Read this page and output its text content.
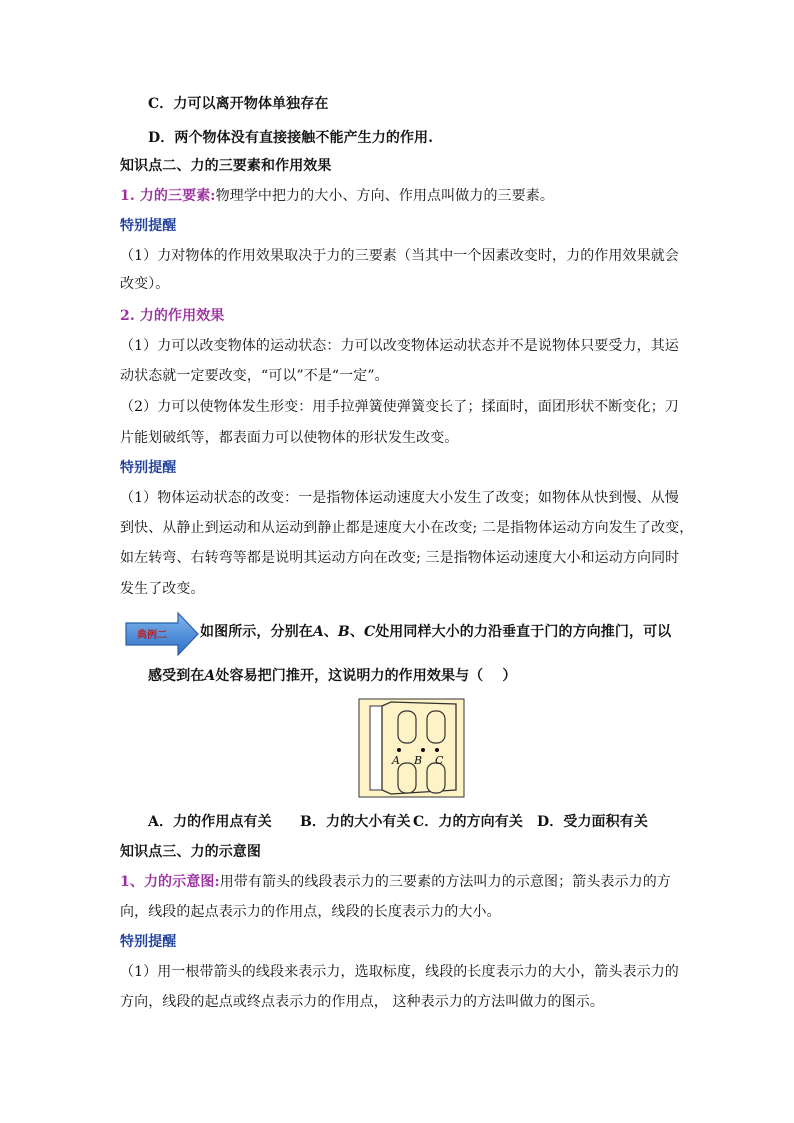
C．力可以离开物体单独存在
D．两个物体没有直接接触不能产生力的作用.
知识点二、力的三要素和作用效果
1. 力的三要素:物理学中把力的大小、方向、作用点叫做力的三要素。
特别提醒
（1）力对物体的作用效果取决于力的三要素（当其中一个因素改变时，力的作用效果就会
改变）。
2. 力的作用效果
（1）力可以改变物体的运动状态：力可以改变物体运动状态并不是说物体只要受力，其运
动状态就一定要改变，“可以”不是“一定”。
（2）力可以使物体发生形变：用手拉弹簧使弹簧变长了；揉面时，面团形状不断变化；刀
片能划破纸等，都表面力可以使物体的形状发生改变。
特别提醒
（1）物体运动状态的改变：一是指物体运动速度大小发生了改变；如物体从快到慢、从慢
到快、从静止到运动和从运动到静止都是速度大小在改变; 二是指物体运动方向发生了改变，
如左转弯、右转弯等都是说明其运动方向在改变; 三是指物体运动速度大小和运动方向同时
发生了改变。
典例二 如图所示，分别在A、B、C处用同样大小的力沿垂直于门的方向推门，可以
感受到在A处容易把门推开，这说明力的作用效果与（　 ）
A B C
A．力的作用点有关 B．力的大小有关 C．力的方向有关 D．受力面积有关
知识点三、力的示意图
1、力的示意图:用带有箭头的线段表示力的三要素的方法叫力的示意图；箭头表示力的方
向，线段的起点表示力的作用点，线段的长度表示力的大小。
特别提醒
（1）用一根带箭头的线段来表示力，选取标度，线段的长度表示力的大小，箭头表示力的
方向，线段的起点或终点表示力的作用点， 这种表示力的方法叫做力的图示。
